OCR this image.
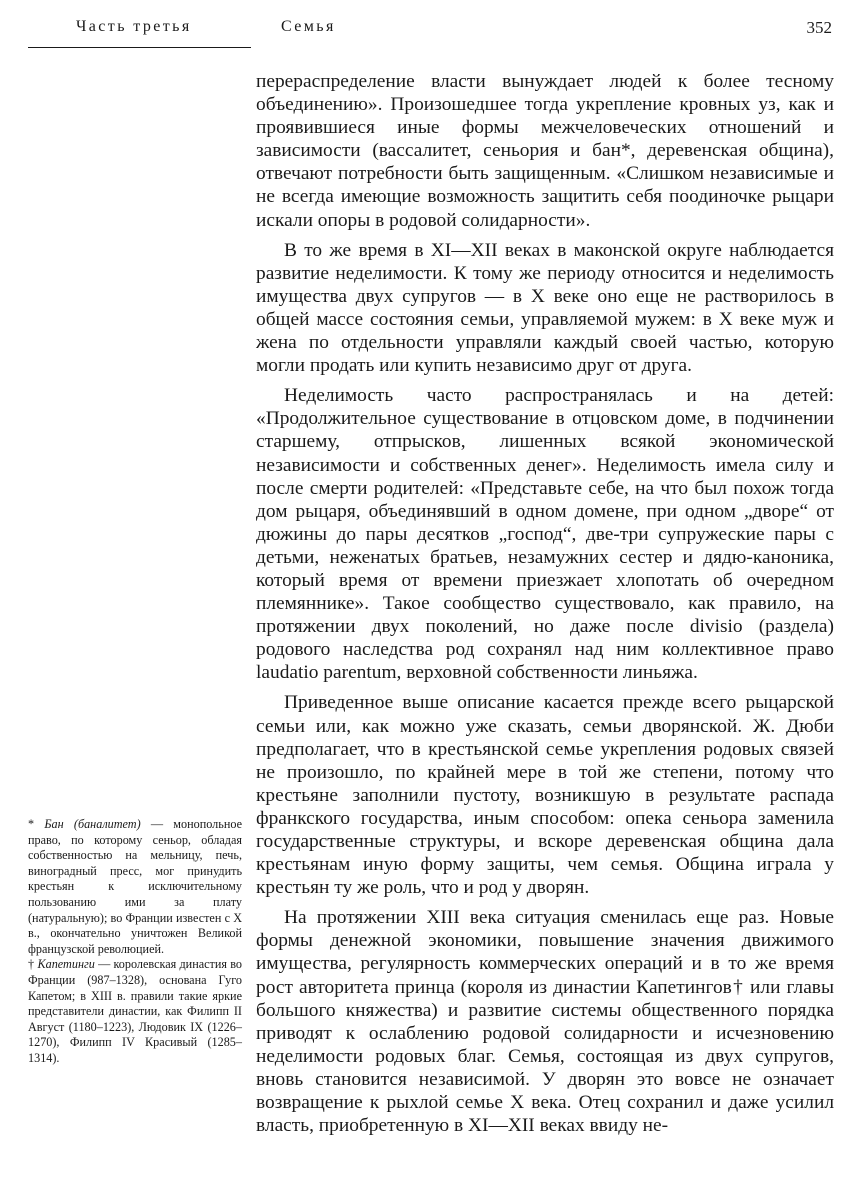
Часть третья	Семья	352

перераспределение власти вынуждает людей к более тесному объединению». Произошедшее тогда укрепление кровных уз, как и проявившиеся иные формы межчеловеческих отношений и зависимости (вассалитет, сеньория и бан*, деревенская община), отвечают потребности быть защищенным. «Слишком независимые и не всегда имеющие возможность защитить себя поодиночке рыцари искали опоры в родовой солидарности».

В то же время в XI—XII веках в маконской округе наблюдается развитие неделимости. К тому же периоду относится и неделимость имущества двух супругов — в X веке оно еще не растворилось в общей массе состояния семьи, управляемой мужем: в X веке муж и жена по отдельности управляли каждый своей частью, которую могли продать или купить независимо друг от друга.

Неделимость часто распространялась и на детей: «Продолжительное существование в отцовском доме, в подчинении старшему, отпрысков, лишенных всякой экономической независимости и собственных денег». Неделимость имела силу и после смерти родителей: «Представьте себе, на что был похож тогда дом рыцаря, объединявший в одном домене, при одном „дворе“ от дюжины до пары десятков „господ“, две-три супружеские пары с детьми, неженатых братьев, незамужних сестер и дядю-каноника, который время от времени приезжает хлопотать об очередном племяннике». Такое сообщество существовало, как правило, на протяжении двух поколений, но даже после divisio (раздела) родового наследства род сохранял над ним коллективное право laudatio parentum, верховной собственности линьяжа.

Приведенное выше описание касается прежде всего рыцарской семьи или, как можно уже сказать, семьи дворянской. Ж. Дюби предполагает, что в крестьянской семье укрепления родовых связей не произошло, по крайней мере в той же степени, потому что крестьяне заполнили пустоту, возникшую в результате распада франкского государства, иным способом: опека сеньора заменила государственные структуры, и вскоре деревенская община дала крестьянам иную форму защиты, чем семья. Община играла у крестьян ту же роль, что и род у дворян.

На протяжении XIII века ситуация сменилась еще раз. Новые формы денежной экономики, повышение значения движимого имущества, регулярность коммерческих операций и в то же время рост авторитета принца (короля из династии Капетингов† или главы большого княжества) и развитие системы общественного порядка приводят к ослаблению родовой солидарности и исчезновению неделимости родовых благ. Семья, состоящая из двух супругов, вновь становится независимой. У дворян это вовсе не означает возвращение к рыхлой семье X века. Отец сохранил и даже усилил власть, приобретенную в XI—XII веках ввиду не-

* Бан (баналитет) — монопольное право, по которому сеньор, обладая собственностью на мельницу, печь, виноградный пресс, мог принудить крестьян к исключительному пользованию ими за плату (натуральную); во Франции известен с X в., окончательно уничтожен Великой французской революцией.

† Капетинги — королевская династия во Франции (987–1328), основана Гуго Капетом; в XIII в. правили такие яркие представители династии, как Филипп II Август (1180–1223), Людовик IX (1226–1270), Филипп IV Красивый (1285–1314).
